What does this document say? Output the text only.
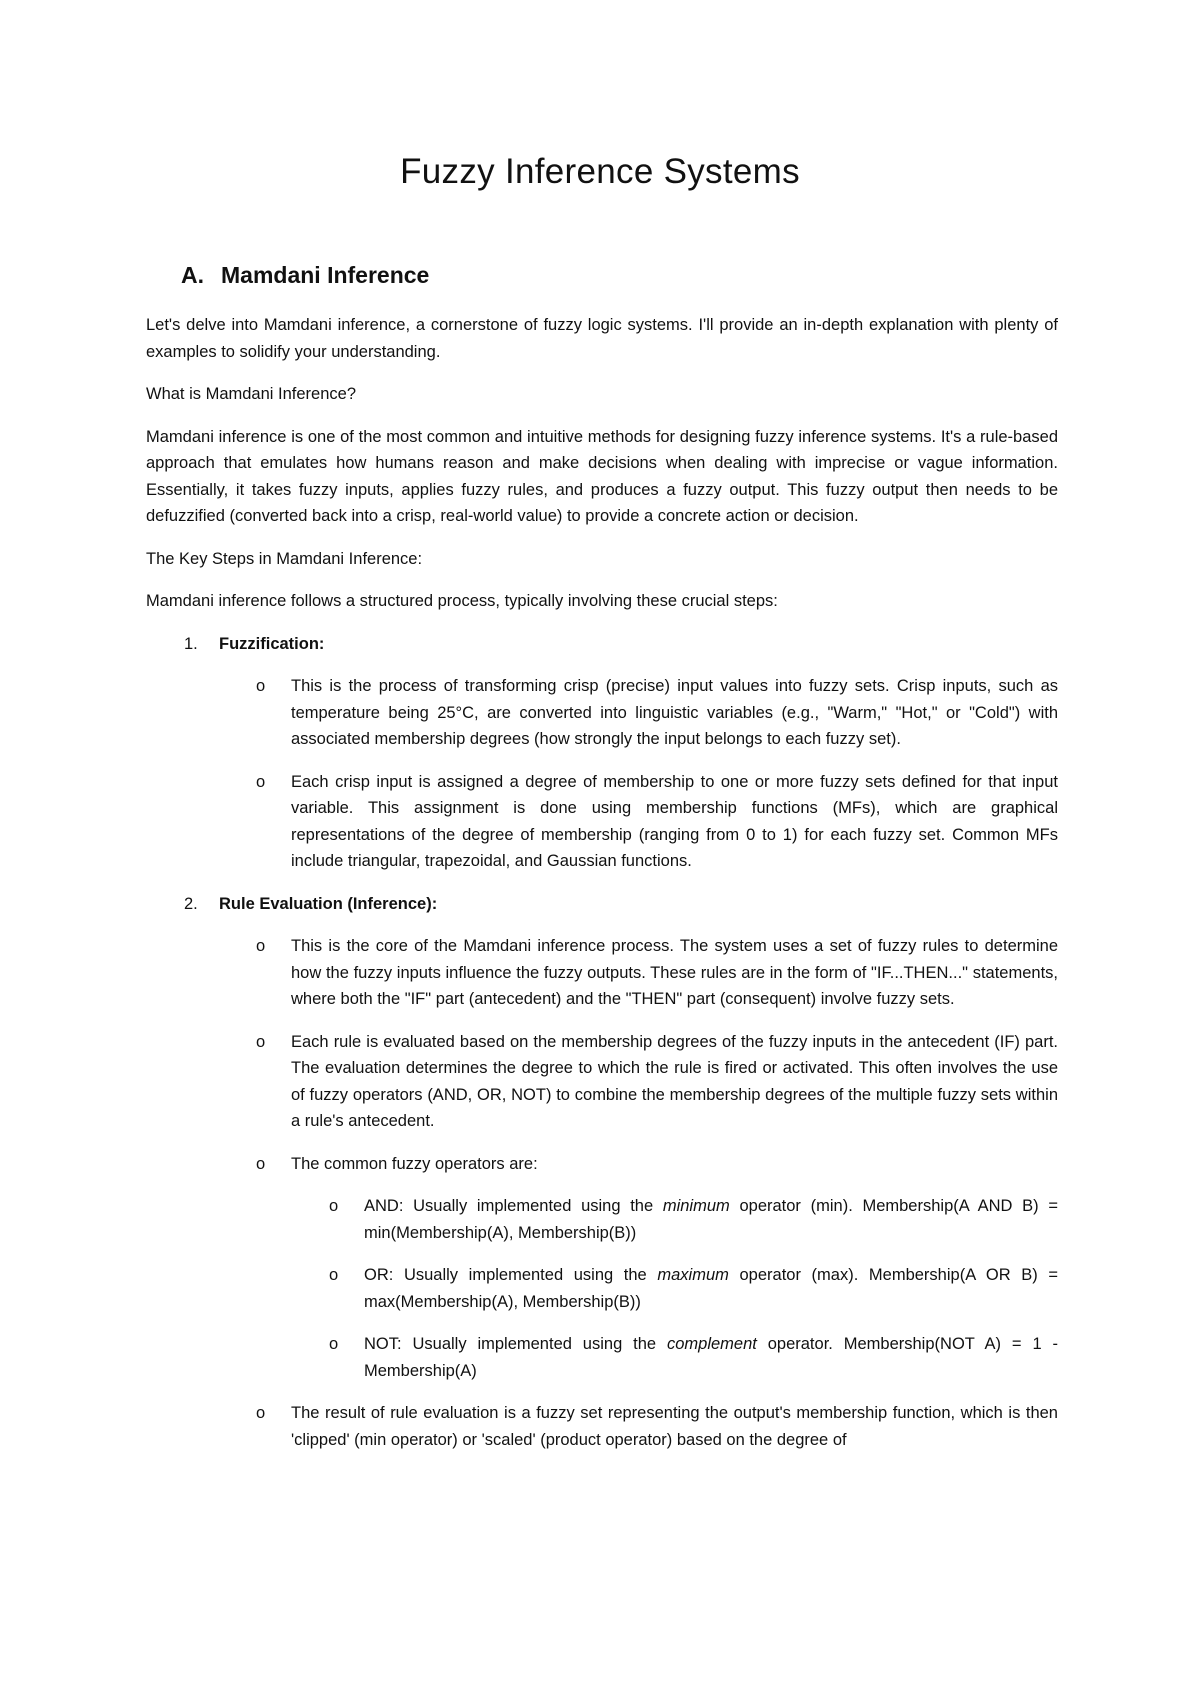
Fuzzy Inference Systems
A. Mamdani Inference

Let's delve into Mamdani inference, a cornerstone of fuzzy logic systems. I'll provide an in-depth explanation with plenty of examples to solidify your understanding.

What is Mamdani Inference?

Mamdani inference is one of the most common and intuitive methods for designing fuzzy inference systems. It's a rule-based approach that emulates how humans reason and make decisions when dealing with imprecise or vague information. Essentially, it takes fuzzy inputs, applies fuzzy rules, and produces a fuzzy output. This fuzzy output then needs to be defuzzified (converted back into a crisp, real-world value) to provide a concrete action or decision.

The Key Steps in Mamdani Inference:

Mamdani inference follows a structured process, typically involving these crucial steps:

1. Fuzzification:
o This is the process of transforming crisp (precise) input values into fuzzy sets. Crisp inputs, such as temperature being 25°C, are converted into linguistic variables (e.g., "Warm," "Hot," or "Cold") with associated membership degrees (how strongly the input belongs to each fuzzy set).

o Each crisp input is assigned a degree of membership to one or more fuzzy sets defined for that input variable. This assignment is done using membership functions (MFs), which are graphical representations of the degree of membership (ranging from 0 to 1) for each fuzzy set. Common MFs include triangular, trapezoidal, and Gaussian functions.

2. Rule Evaluation (Inference):
o This is the core of the Mamdani inference process. The system uses a set of fuzzy rules to determine how the fuzzy inputs influence the fuzzy outputs. These rules are in the form of "IF...THEN..." statements, where both the "IF" part (antecedent) and the "THEN" part (consequent) involve fuzzy sets.

o Each rule is evaluated based on the membership degrees of the fuzzy inputs in the antecedent (IF) part. The evaluation determines the degree to which the rule is fired or activated. This often involves the use of fuzzy operators (AND, OR, NOT) to combine the membership degrees of the multiple fuzzy sets within a rule's antecedent.

o The common fuzzy operators are:

o AND: Usually implemented using the minimum operator (min). Membership(A AND B) = min(Membership(A), Membership(B))

o OR: Usually implemented using the maximum operator (max). Membership(A OR B) = max(Membership(A), Membership(B))

o NOT: Usually implemented using the complement operator. Membership(NOT A) = 1 - Membership(A)

o The result of rule evaluation is a fuzzy set representing the output's membership function, which is then 'clipped' (min operator) or 'scaled' (product operator) based on the degree of
